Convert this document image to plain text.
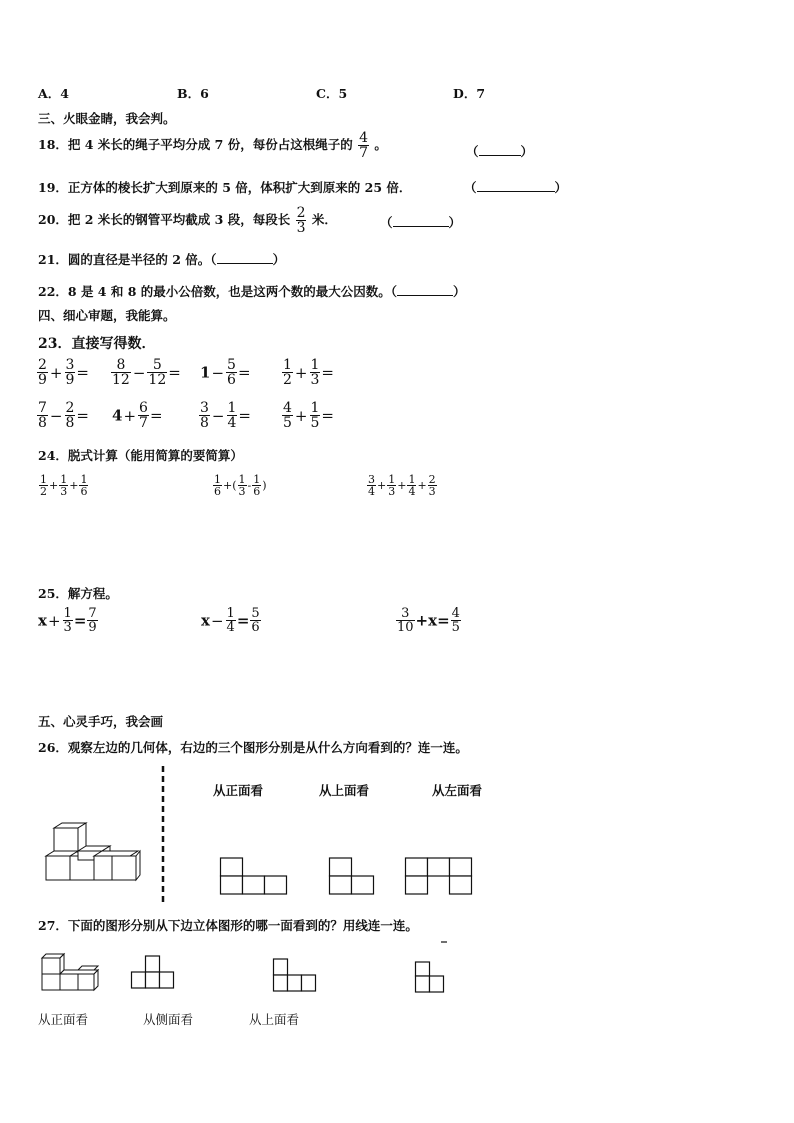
A．4	B．6	C．5	D．7
三、火眼金睛，我会判。
18．把 4 米长的绳子平均分成 7 份，每份占这根绳子的 $\frac{4}{7}$ 。	（	）
19．正方体的棱长扩大到原来的 5 倍，体积扩大到原来的 25 倍．	（	）
20．把 2 米长的钢管平均截成 3 段，每段长 $\frac{2}{3}$ 米．	（	）
21．圆的直径是半径的 2 倍。（	）
22．8 是 4 和 8 的最小公倍数，也是这两个数的最大公因数。（	）
四、细心审题，我能算。
23．直接写得数．
$\frac{2}{9} + \frac{3}{9} = \frac{8}{12} - \frac{5}{12} = 1- \frac{5}{6} = \frac{1}{2} + \frac{1}{3}$ =
$\frac{7}{8} - \frac{2}{8} = 4+ \frac{6}{7}$ =	$\frac{3}{8} - \frac{1}{4} = \frac{4}{5} + \frac{1}{5}$ =
24．脱式计算（能用简算的要简算）
$\frac{1}{2} + \frac{1}{3} + \frac{1}{6}$	$\frac{1}{6}$ +( $\frac{1}{3} - \frac{1}{6}$ )	$\frac{3}{4} + \frac{1}{3} + \frac{1}{4} + \frac{2}{3}$
25．解方程。
$x+ \frac{1}{3} = \frac{7}{9}$	$x- \frac{1}{4} = \frac{5}{6}$	$\frac{3}{10} +x= \frac{4}{5}$
五、心灵手巧，我会画
26．观察左边的几何体，右边的三个图形分别是从什么方向看到的？连一连。
从正面看	从上面看	从左面看
27．下面的图形分别从下边立体图形的哪一面看到的？用线连一连。
从正面看	从侧面看	从上面看
